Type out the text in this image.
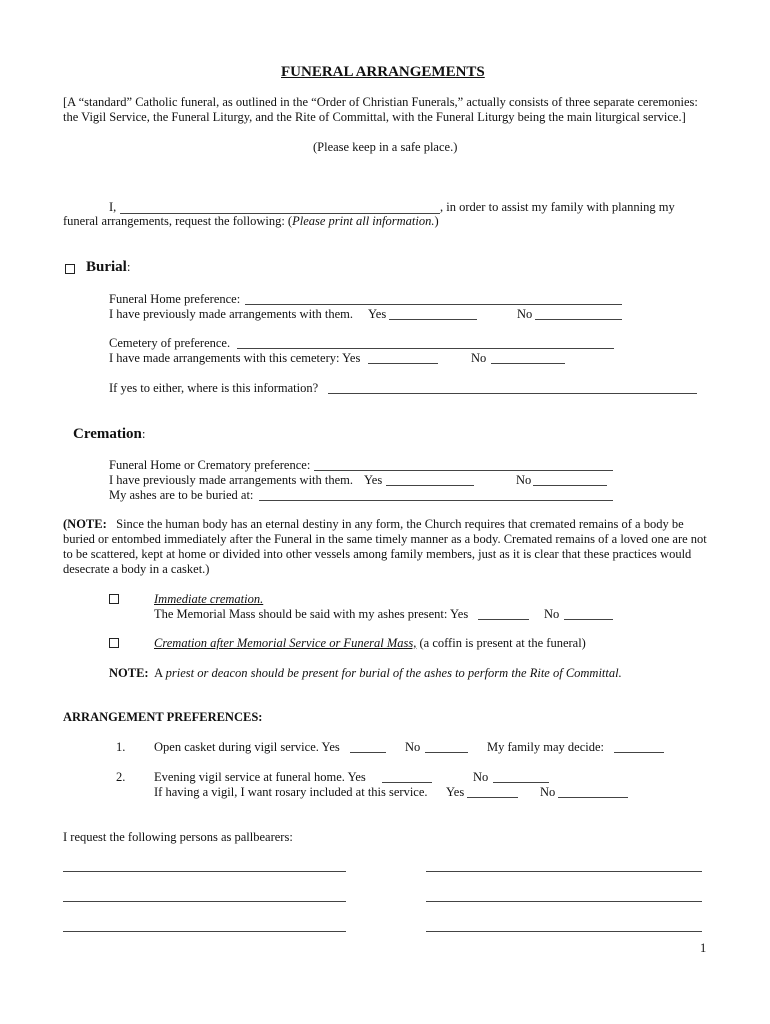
FUNERAL ARRANGEMENTS
[A “standard” Catholic funeral, as outlined in the “Order of Christian Funerals,” actually consists of three separate ceremonies: the Vigil Service, the Funeral Liturgy, and the Rite of Committal, with the Funeral Liturgy being the main liturgical service.]
(Please keep in a safe place.)
I,	, in order to assist my family with planning my
funeral arrangements, request the following: (Please print all information.)
Burial:
Funeral Home preference:
I have previously made arrangements with them. Yes	No
Cemetery of preference.
I have made arrangements with this cemetery: Yes	No
If yes to either, where is this information?
Cremation:
Funeral Home or Crematory preference:
I have previously made arrangements with them. Yes	No
My ashes are to be buried at:
(NOTE: Since the human body has an eternal destiny in any form, the Church requires that cremated remains of a body be buried or entombed immediately after the Funeral in the same timely manner as a body. Cremated remains of a loved one are not to be scattered, kept at home or divided into other vessels among family members, just as it is clear that these practices would desecrate a body in a casket.)
Immediate cremation.
The Memorial Mass should be said with my ashes present: Yes	No
Cremation after Memorial Service or Funeral Mass, (a coffin is present at the funeral)
NOTE: A priest or deacon should be present for burial of the ashes to perform the Rite of Committal.
ARRANGEMENT PREFERENCES:
1. Open casket during vigil service. Yes	No	My family may decide:
2. Evening vigil service at funeral home. Yes	No
If having a vigil, I want rosary included at this service. Yes	No
I request the following persons as pallbearers:
1
